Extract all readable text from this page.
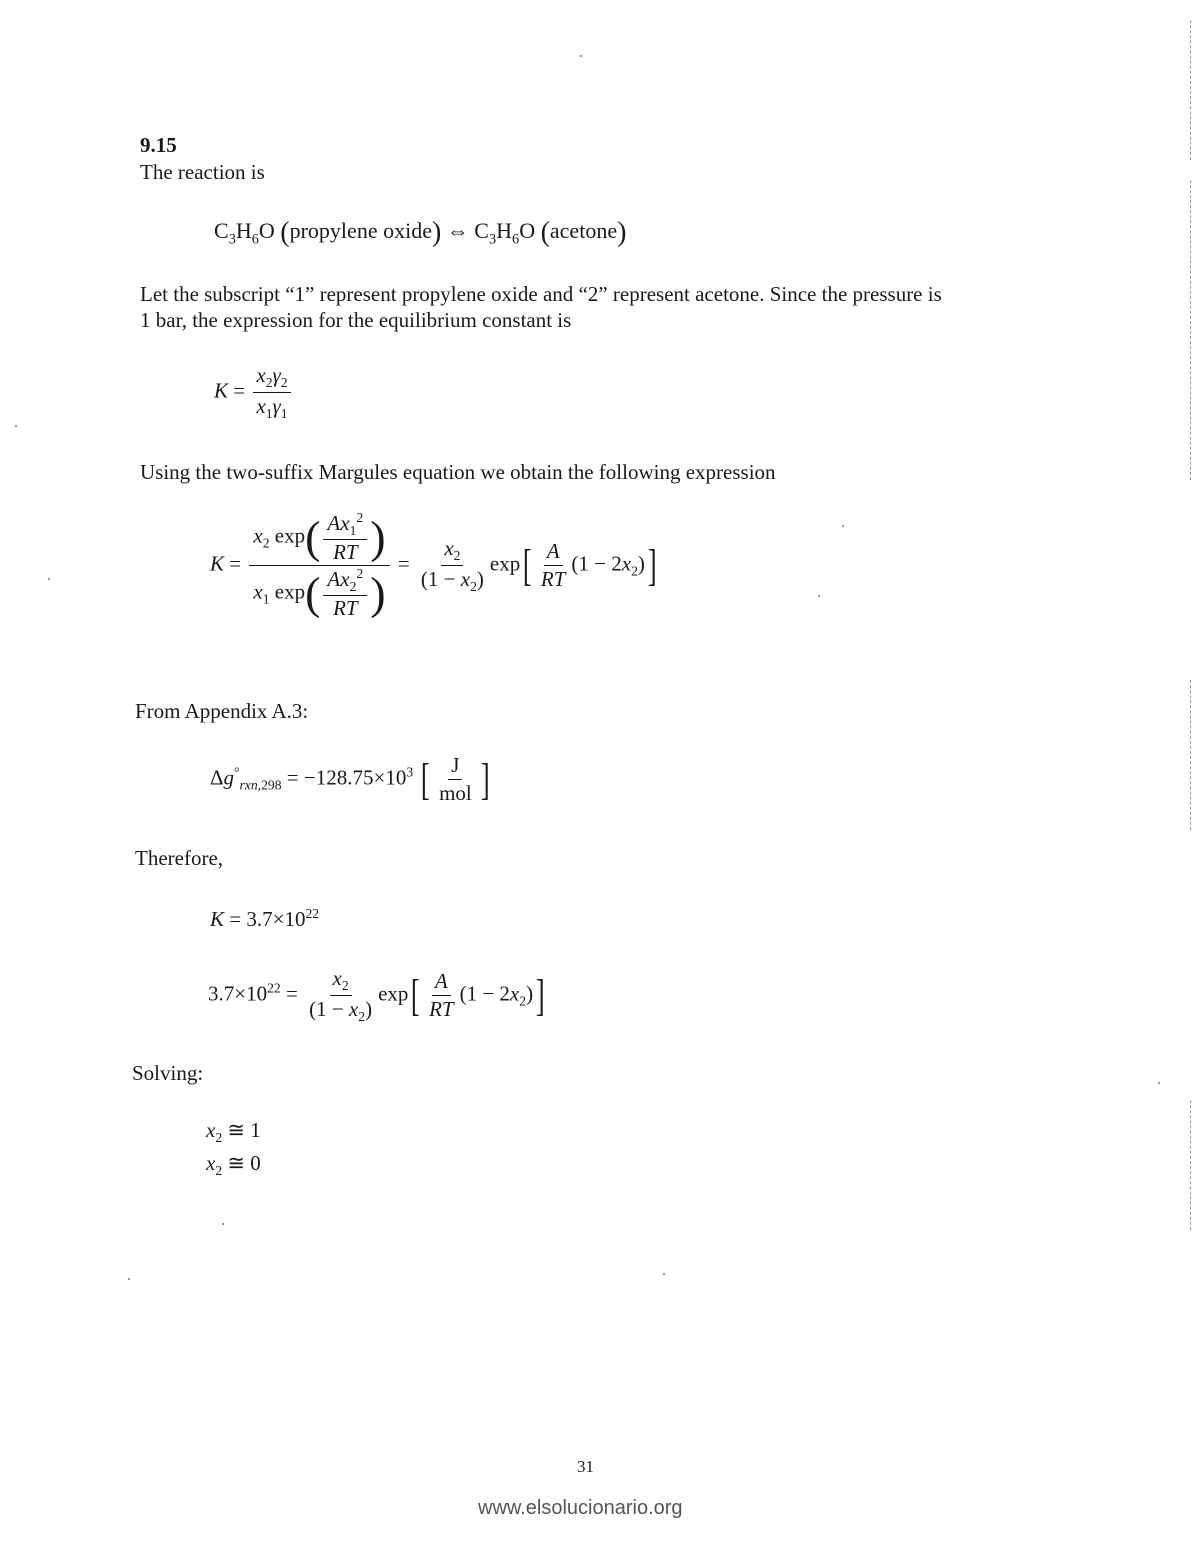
9.15
The reaction is
$C_3H_6O$ (propylene oxide) ⇔ $C_3H_6O$ (acetone)
Let the subscript “1” represent propylene oxide and “2” represent acetone. Since the pressure is
1 bar, the expression for the equilibrium constant is
$K = \frac{x_2\gamma_2}{x_1\gamma_1}$
Using the two-suffix Margules equation we obtain the following expression
$K = \frac{x_2 \exp( \frac{Ax_1^2}{RT} )}{x_1 \exp( \frac{Ax_2^2}{RT} )} = \frac{x_2}{(1 - x_2)} \exp[ \frac{A}{RT} (1 - 2x_2)]$
From Appendix A.3:
$\Delta g^\circ_{rxn,298} = -128.75\times 10^3$ [ $\frac{J}{\text{mol}}$ ]
Therefore,
$K = 3.7\times 10^{22}$
$3.7\times 10^{22} = \frac{x_2}{(1 - x_2)} \exp[ \frac{A}{RT} (1 - 2x_2)]$
Solving:
$x_2$ ≅ 1
$x_2$ ≅ 0
31
www.elsolucionario.org
